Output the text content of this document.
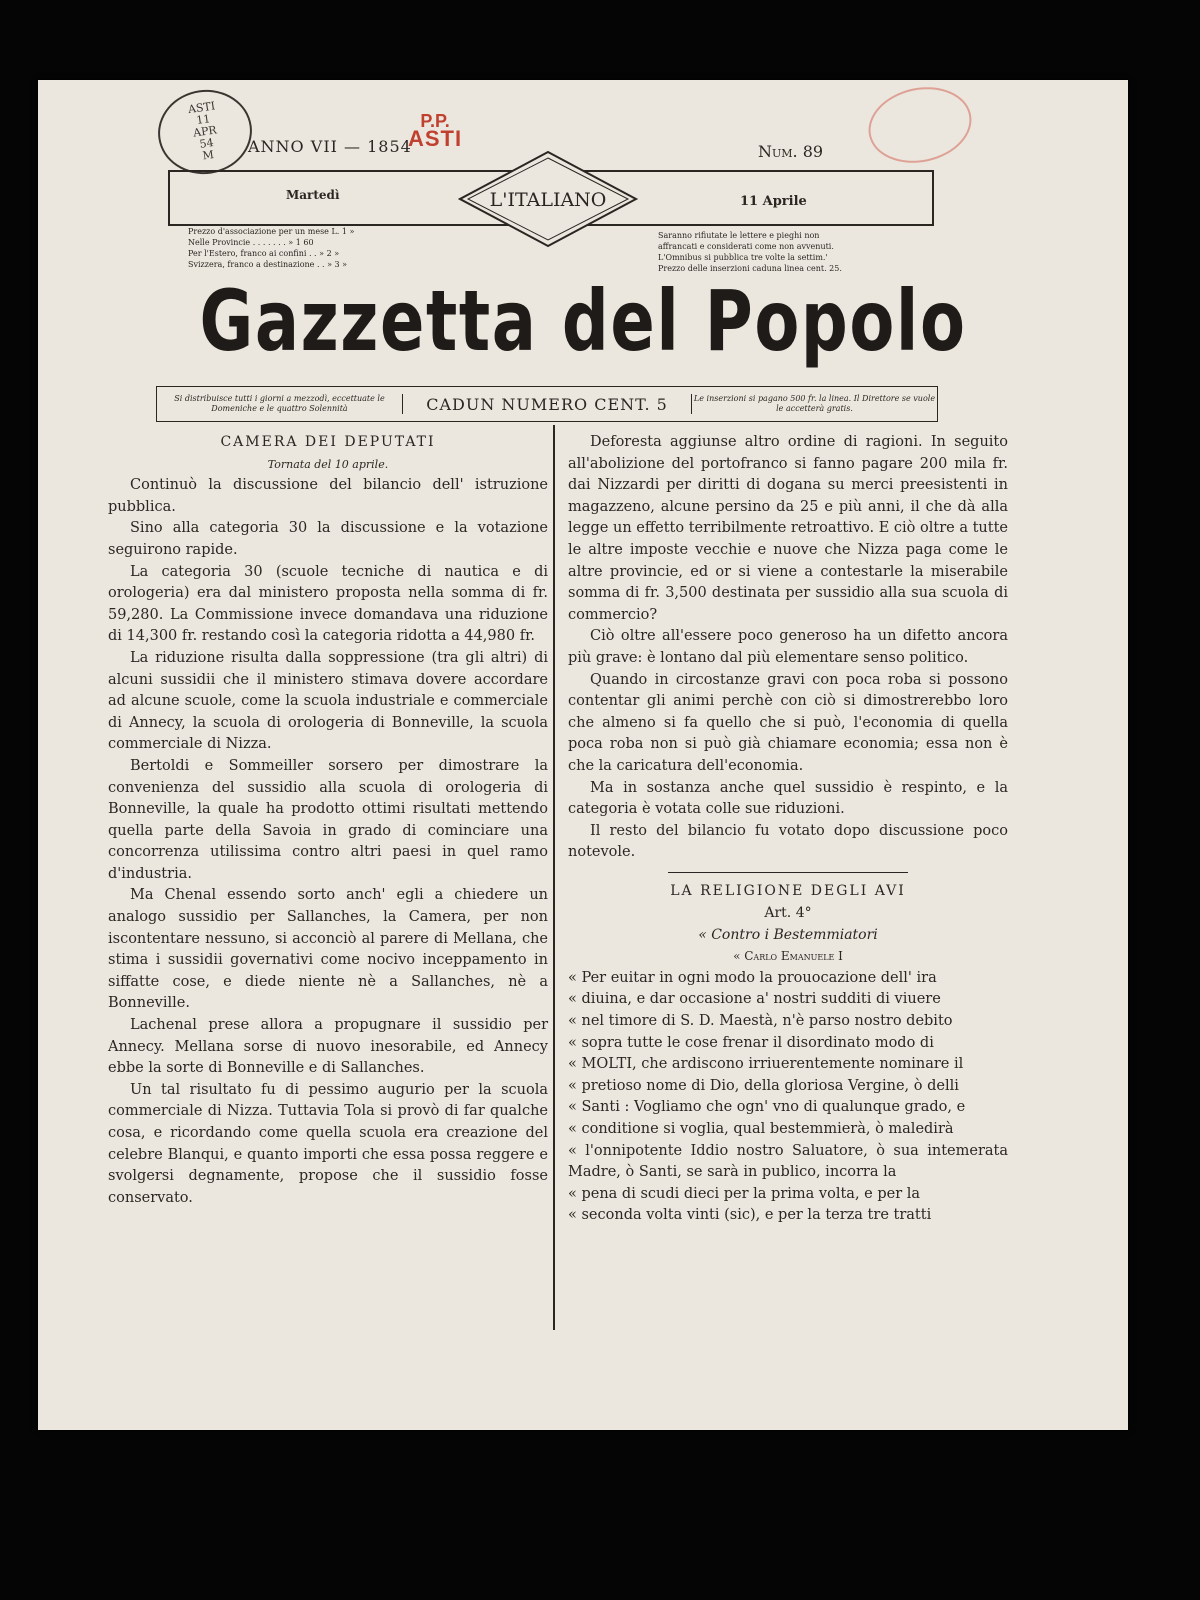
ASTI
11
APR
54
M
P.P.
ASTI
ANNO VII — 1854	Num. 89
Martedì	11 Aprile
L'ITALIANO
Prezzo d'associazione per un mese L. 1 »
Nelle Provincie . . . . . . . » 1 60
Per l'Estero, franco ai confini . . » 2 »
Svizzera, franco a destinazione . . » 3 »
Saranno rifiutate le lettere e pieghi non
affrancati e considerati come non avvenuti.
L'Omnibus si pubblica tre volte la settim.'
Prezzo delle inserzioni caduna linea cent. 25.
Gazzetta del Popolo
Si distribuisce tutti i giorni a mezzodì, eccettuate le Domeniche e le quattro Solennità	CADUN NUMERO CENT. 5	Le inserzioni si pagano 500 fr. la linea. Il Direttore se vuole le accetterà gratis.

CAMERA DEI DEPUTATI

Tornata del 10 aprile.

Continuò la discussione del bilancio dell' istruzione pubblica.

Sino alla categoria 30 la discussione e la votazione seguirono rapide.

La categoria 30 (scuole tecniche di nautica e di orologeria) era dal ministero proposta nella somma di fr. 59,280. La Commissione invece domandava una riduzione di 14,300 fr. restando così la categoria ridotta a 44,980 fr.

La riduzione risulta dalla soppressione (tra gli altri) di alcuni sussidii che il ministero stimava dovere accordare ad alcune scuole, come la scuola industriale e commerciale di Annecy, la scuola di orologeria di Bonneville, la scuola commerciale di Nizza.

Bertoldi e Sommeiller sorsero per dimostrare la convenienza del sussidio alla scuola di orologeria di Bonneville, la quale ha prodotto ottimi risultati mettendo quella parte della Savoia in grado di cominciare una concorrenza utilissima contro altri paesi in quel ramo d'industria.

Ma Chenal essendo sorto anch' egli a chiedere un analogo sussidio per Sallanches, la Camera, per non iscontentare nessuno, si acconciò al parere di Mellana, che stima i sussidii governativi come nocivo inceppamento in siffatte cose, e diede niente nè a Sallanches, nè a Bonneville.

Lachenal prese allora a propugnare il sussidio per Annecy. Mellana sorse di nuovo inesorabile, ed Annecy ebbe la sorte di Bonneville e di Sallanches.

Un tal risultato fu di pessimo augurio per la scuola commerciale di Nizza. Tuttavia Tola si provò di far qualche cosa, e ricordando come quella scuola era creazione del celebre Blanqui, e quanto importi che essa possa reggere e svolgersi degnamente, propose che il sussidio fosse conservato.

Deforesta aggiunse altro ordine di ragioni. In seguito all'abolizione del portofranco si fanno pagare 200 mila fr. dai Nizzardi per diritti di dogana su merci preesistenti in magazzeno, alcune persino da 25 e più anni, il che dà alla legge un effetto terribilmente retroattivo. E ciò oltre a tutte le altre imposte vecchie e nuove che Nizza paga come le altre provincie, ed or si viene a contestarle la miserabile somma di fr. 3,500 destinata per sussidio alla sua scuola di commercio?

Ciò oltre all'essere poco generoso ha un difetto ancora più grave: è lontano dal più elementare senso politico.

Quando in circostanze gravi con poca roba si possono contentar gli animi perchè con ciò si dimostrerebbo loro che almeno si fa quello che si può, l'economia di quella poca roba non si può già chiamare economia; essa non è che la caricatura dell'economia.

Ma in sostanza anche quel sussidio è respinto, e la categoria è votata colle sue riduzioni.

Il resto del bilancio fu votato dopo discussione poco notevole.

LA RELIGIONE DEGLI AVI

Art. 4°

« Contro i Bestemmiatori

« Carlo Emanuele I

« Per euitar in ogni modo la prouocazione dell' ira

« diuina, e dar occasione a' nostri sudditi di viuere

« nel timore di S. D. Maestà, n'è parso nostro debito

« sopra tutte le cose frenar il disordinato modo di

« MOLTI, che ardiscono irriuerentemente nominare il

« pretioso nome di Dio, della gloriosa Vergine, ò delli

« Santi : Vogliamo che ogn' vno di qualunque grado, e

« conditione si voglia, qual bestemmierà, ò maledirà

« l'onnipotente Iddio nostro Saluatore, ò sua intemerata Madre, ò Santi, se sarà in publico, incorra la

« pena di scudi dieci per la prima volta, e per la

« seconda volta vinti (sic), e per la terza tre tratti
